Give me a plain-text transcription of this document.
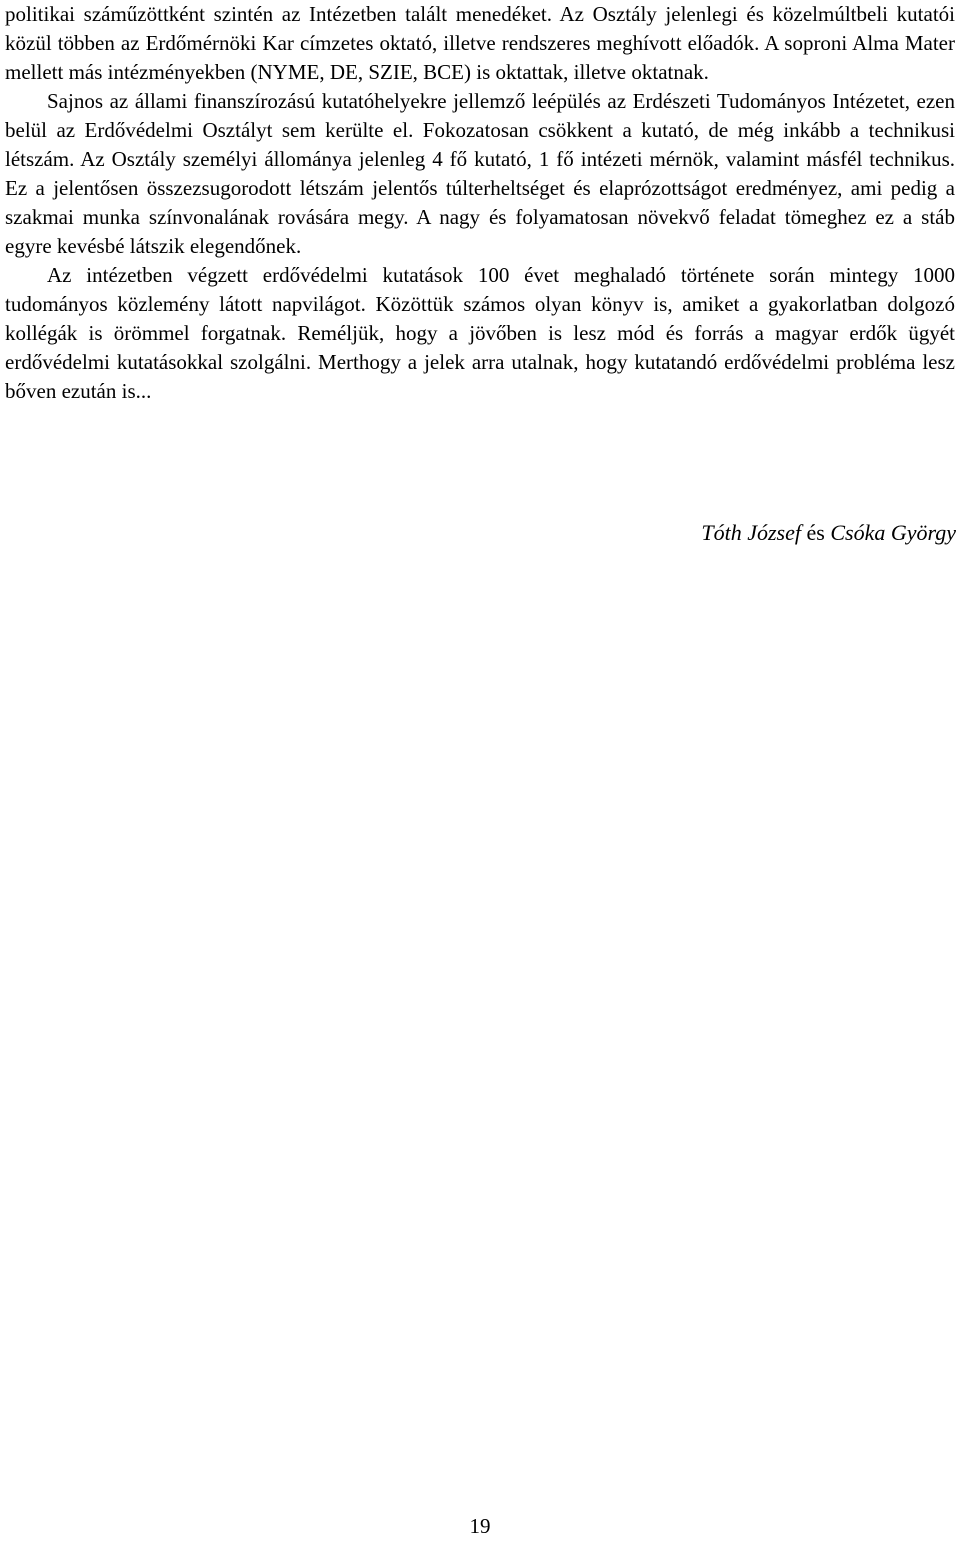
politikai száműzöttként szintén az Intézetben talált menedéket. Az Osztály jelenlegi és közelmúltbeli kutatói közül többen az Erdőmérnöki Kar címzetes oktató, illetve rendszeres meghívott előadók. A soproni Alma Mater mellett más intézményekben (NYME, DE, SZIE, BCE) is oktattak, illetve oktatnak.

Sajnos az állami finanszírozású kutatóhelyekre jellemző leépülés az Erdészeti Tudományos Intézetet, ezen belül az Erdővédelmi Osztályt sem kerülte el. Fokozatosan csökkent a kutató, de még inkább a technikusi létszám. Az Osztály személyi állománya jelenleg 4 fő kutató, 1 fő intézeti mérnök, valamint másfél technikus. Ez a jelentősen összezsugorodott létszám jelentős túlterheltséget és elaprózottságot eredményez, ami pedig a szakmai munka színvonalának rovására megy. A nagy és folyamatosan növekvő feladat tömeghez ez a stáb egyre kevésbé látszik elegendőnek.

Az intézetben végzett erdővédelmi kutatások 100 évet meghaladó története során mintegy 1000 tudományos közlemény látott napvilágot. Közöttük számos olyan könyv is, amiket a gyakorlatban dolgozó kollégák is örömmel forgatnak. Reméljük, hogy a jövőben is lesz mód és forrás a magyar erdők ügyét erdővédelmi kutatásokkal szolgálni. Merthogy a jelek arra utalnak, hogy kutatandó erdővédelmi probléma lesz bőven ezután is...

Tóth József és Csóka György
19
